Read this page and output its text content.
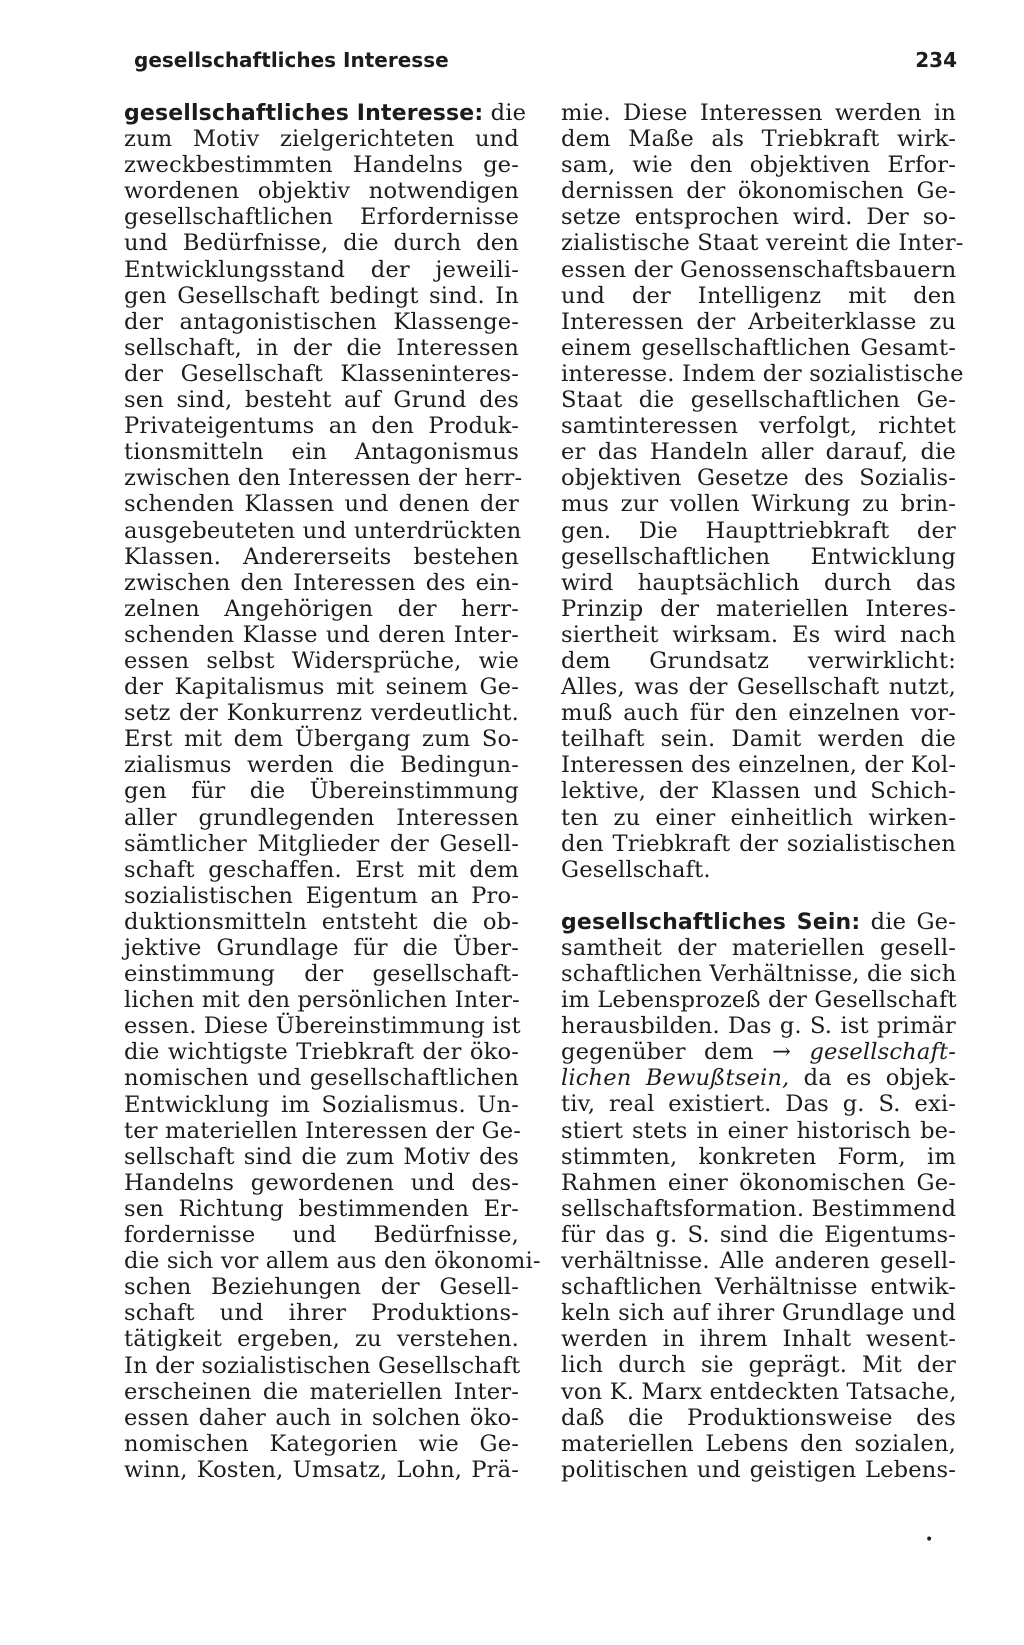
gesellschaftliches Interesse	234
gesellschaftliches Interesse: die
zum Motiv zielgerichteten und
zweckbestimmten Handelns ge-
wordenen objektiv notwendigen
gesellschaftlichen Erfordernisse
und Bedürfnisse, die durch den
Entwicklungsstand der jeweili-
gen Gesellschaft bedingt sind. In
der antagonistischen Klassenge-
sellschaft, in der die Interessen
der Gesellschaft Klasseninteres-
sen sind, besteht auf Grund des
Privateigentums an den Produk-
tionsmitteln ein Antagonismus
zwischen den Interessen der herr-
schenden Klassen und denen der
ausgebeuteten und unterdrückten
Klassen. Andererseits bestehen
zwischen den Interessen des ein-
zelnen Angehörigen der herr-
schenden Klasse und deren Inter-
essen selbst Widersprüche, wie
der Kapitalismus mit seinem Ge-
setz der Konkurrenz verdeutlicht.
Erst mit dem Übergang zum So-
zialismus werden die Bedingun-
gen für die Übereinstimmung
aller grundlegenden Interessen
sämtlicher Mitglieder der Gesell-
schaft geschaffen. Erst mit dem
sozialistischen Eigentum an Pro-
duktionsmitteln entsteht die ob-
jektive Grundlage für die Über-
einstimmung der gesellschaft-
lichen mit den persönlichen Inter-
essen. Diese Übereinstimmung ist
die wichtigste Triebkraft der öko-
nomischen und gesellschaftlichen
Entwicklung im Sozialismus. Un-
ter materiellen Interessen der Ge-
sellschaft sind die zum Motiv des
Handelns gewordenen und des-
sen Richtung bestimmenden Er-
fordernisse und Bedürfnisse,
die sich vor allem aus den ökonomi-
schen Beziehungen der Gesell-
schaft und ihrer Produktions-
tätigkeit ergeben, zu verstehen.
In der sozialistischen Gesellschaft
erscheinen die materiellen Inter-
essen daher auch in solchen öko-
nomischen Kategorien wie Ge-
winn, Kosten, Umsatz, Lohn, Prä-
mie. Diese Interessen werden in
dem Maße als Triebkraft wirk-
sam, wie den objektiven Erfor-
dernissen der ökonomischen Ge-
setze entsprochen wird. Der so-
zialistische Staat vereint die Inter-
essen der Genossenschaftsbauern
und der Intelligenz mit den
Interessen der Arbeiterklasse zu
einem gesellschaftlichen Gesamt-
interesse. Indem der sozialistische
Staat die gesellschaftlichen Ge-
samtinteressen verfolgt, richtet
er das Handeln aller darauf, die
objektiven Gesetze des Sozialis-
mus zur vollen Wirkung zu brin-
gen. Die Haupttriebkraft der
gesellschaftlichen Entwicklung
wird hauptsächlich durch das
Prinzip der materiellen Interes-
siertheit wirksam. Es wird nach
dem Grundsatz verwirklicht:
Alles, was der Gesellschaft nutzt,
muß auch für den einzelnen vor-
teilhaft sein. Damit werden die
Interessen des einzelnen, der Kol-
lektive, der Klassen und Schich-
ten zu einer einheitlich wirken-
den Triebkraft der sozialistischen
Gesellschaft.
gesellschaftliches Sein: die Ge-
samtheit der materiellen gesell-
schaftlichen Verhältnisse, die sich
im Lebensprozeß der Gesellschaft
herausbilden. Das g. S. ist primär
gegenüber dem → gesellschaft-
lichen Bewußtsein, da es objek-
tiv, real existiert. Das g. S. exi-
stiert stets in einer historisch be-
stimmten, konkreten Form, im
Rahmen einer ökonomischen Ge-
sellschaftsformation. Bestimmend
für das g. S. sind die Eigentums-
verhältnisse. Alle anderen gesell-
schaftlichen Verhältnisse entwik-
keln sich auf ihrer Grundlage und
werden in ihrem Inhalt wesent-
lich durch sie geprägt. Mit der
von K. Marx entdeckten Tatsache,
daß die Produktionsweise des
materiellen Lebens den sozialen,
politischen und geistigen Lebens-
•
